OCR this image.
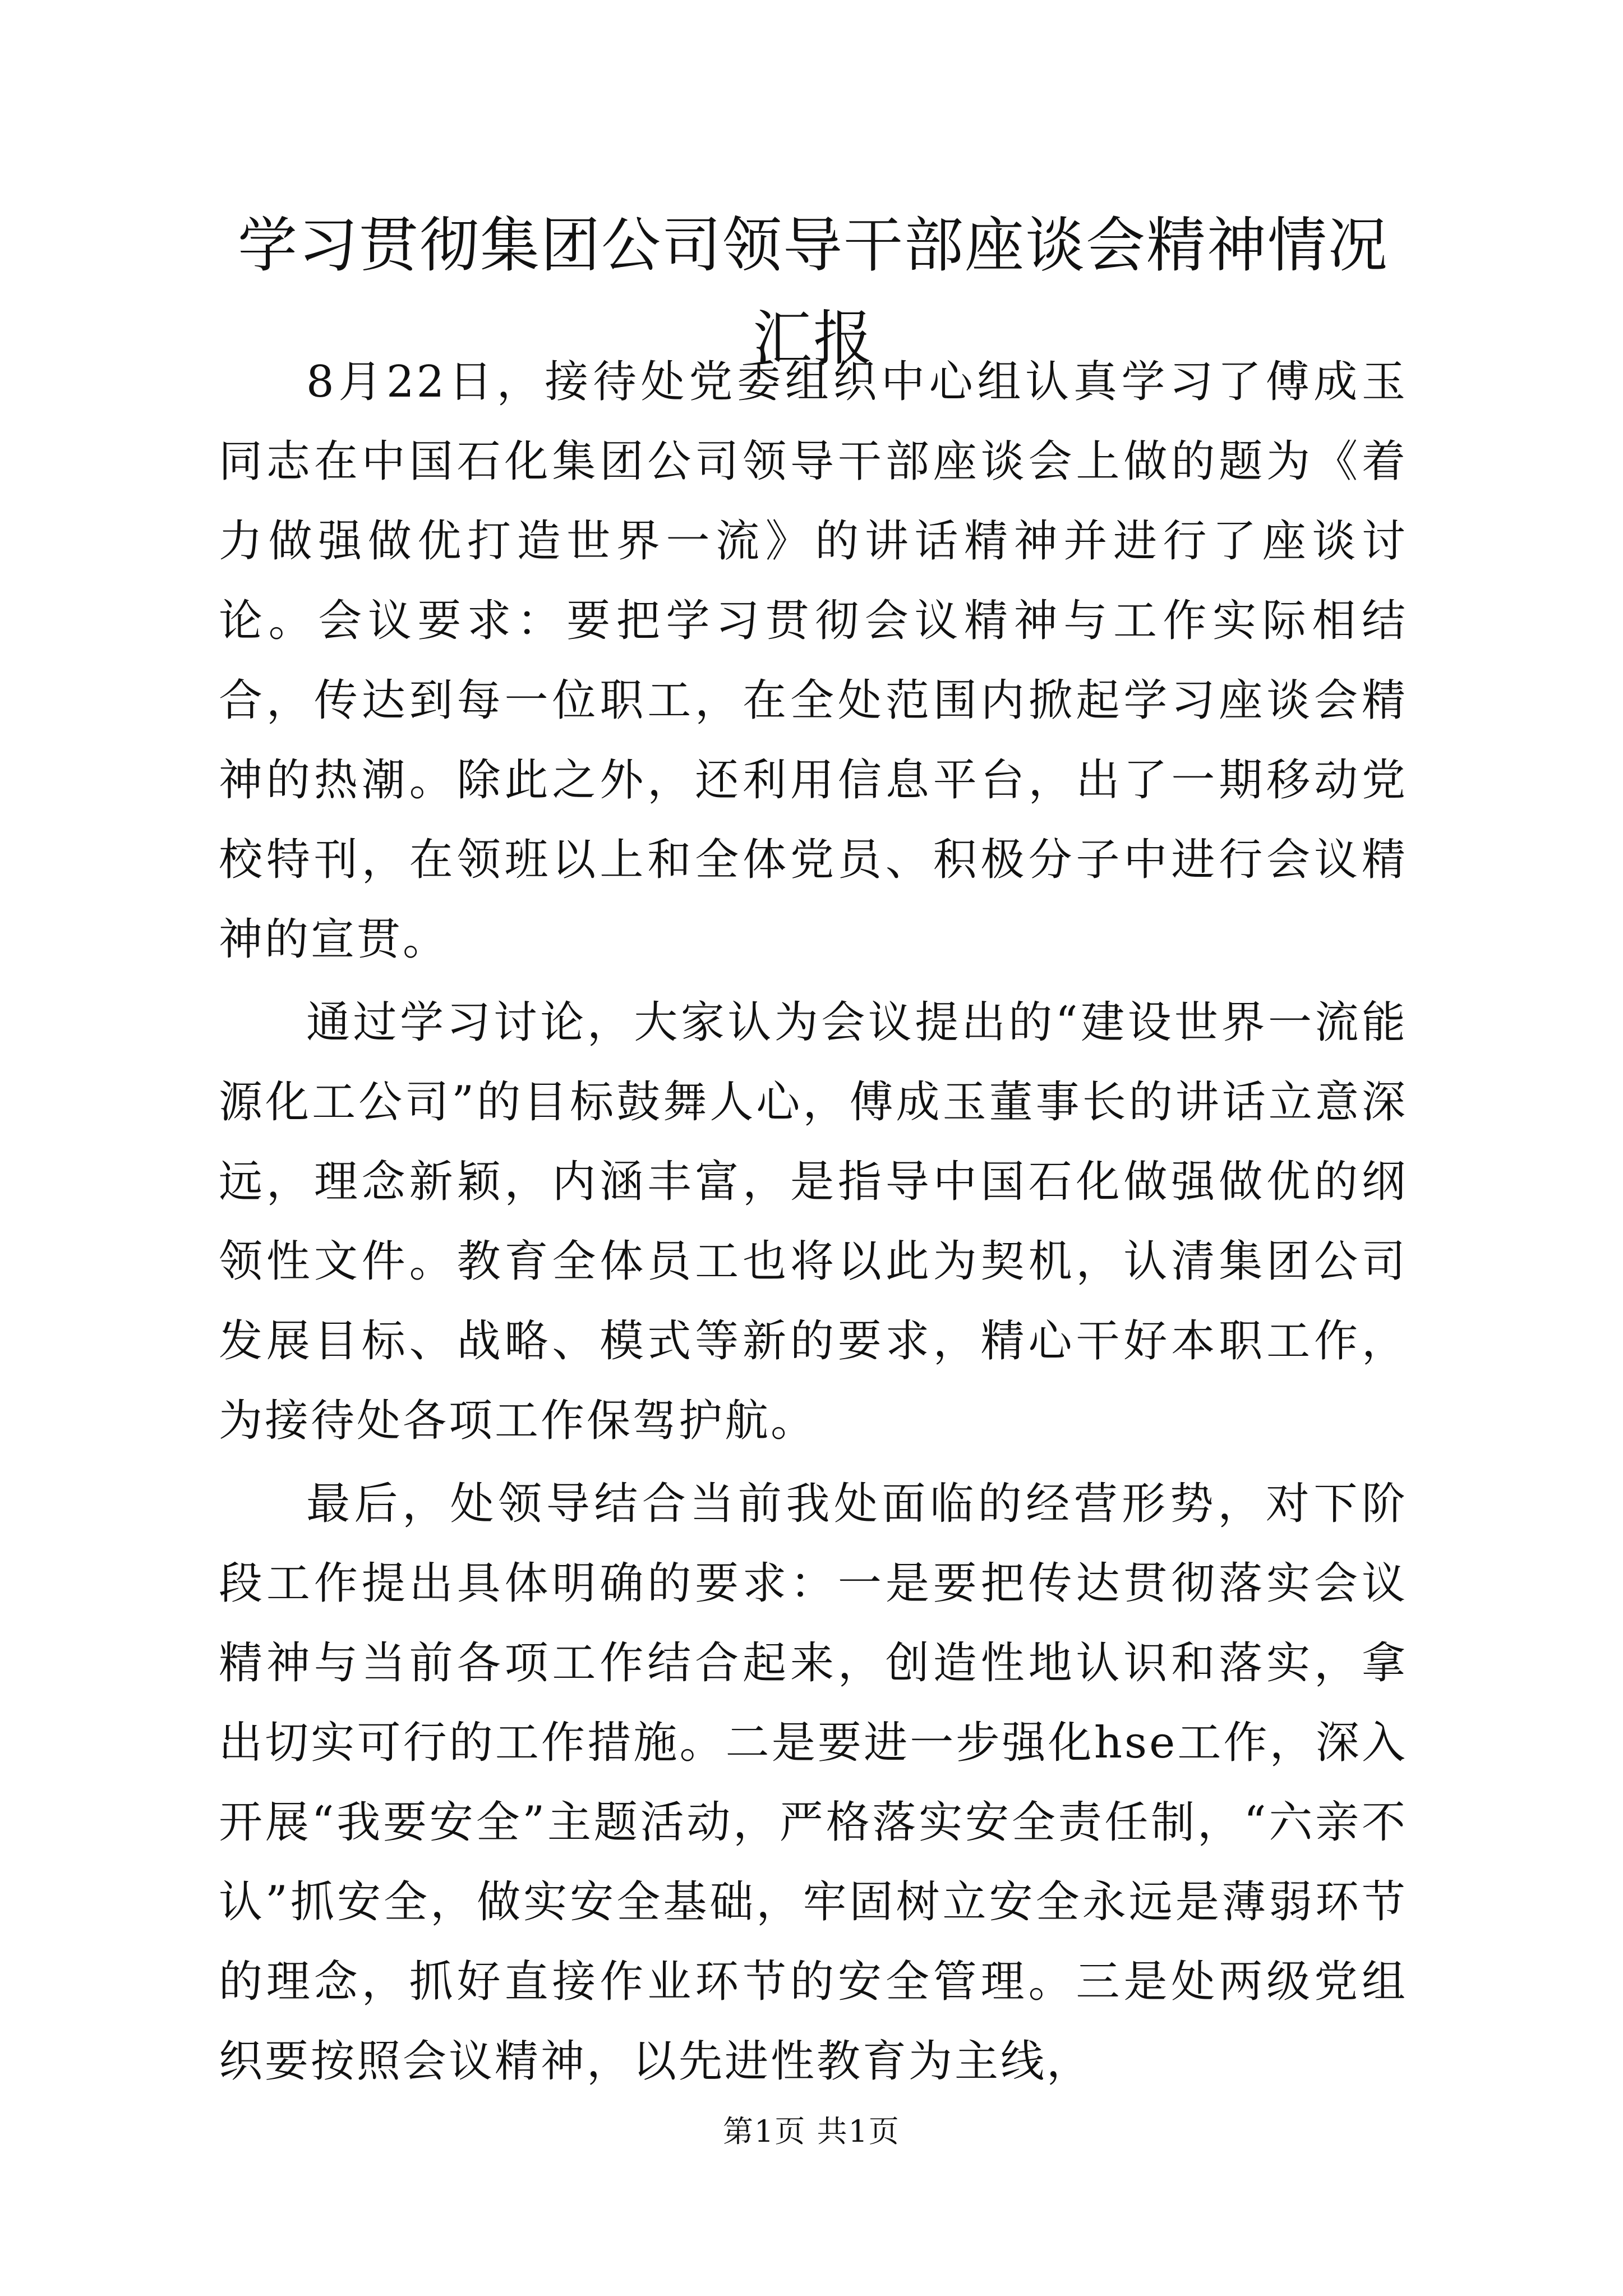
学习贯彻集团公司领导干部座谈会精神情况汇报

8月22日，接待处党委组织中心组认真学习了傅成玉同志在中国石化集团公司领导干部座谈会上做的题为《着力做强做优打造世界一流》的讲话精神并进行了座谈讨论。会议要求：要把学习贯彻会议精神与工作实际相结合，传达到每一位职工，在全处范围内掀起学习座谈会精神的热潮。除此之外，还利用信息平台，出了一期移动党校特刊，在领班以上和全体党员、积极分子中进行会议精神的宣贯。

通过学习讨论，大家认为会议提出的“建设世界一流能源化工公司”的目标鼓舞人心，傅成玉董事长的讲话立意深远，理念新颖，内涵丰富，是指导中国石化做强做优的纲领性文件。教育全体员工也将以此为契机，认清集团公司发展目标、战略、模式等新的要求，精心干好本职工作，为接待处各项工作保驾护航。

最后，处领导结合当前我处面临的经营形势，对下阶段工作提出具体明确的要求：一是要把传达贯彻落实会议精神与当前各项工作结合起来，创造性地认识和落实，拿出切实可行的工作措施。二是要进一步强化hse工作，深入开展“我要安全”主题活动，严格落实安全责任制，“六亲不认”抓安全，做实安全基础，牢固树立安全永远是薄弱环节的理念，抓好直接作业环节的安全管理。三是处两级党组织要按照会议精神，以先进性教育为主线，

第1页 共1页
